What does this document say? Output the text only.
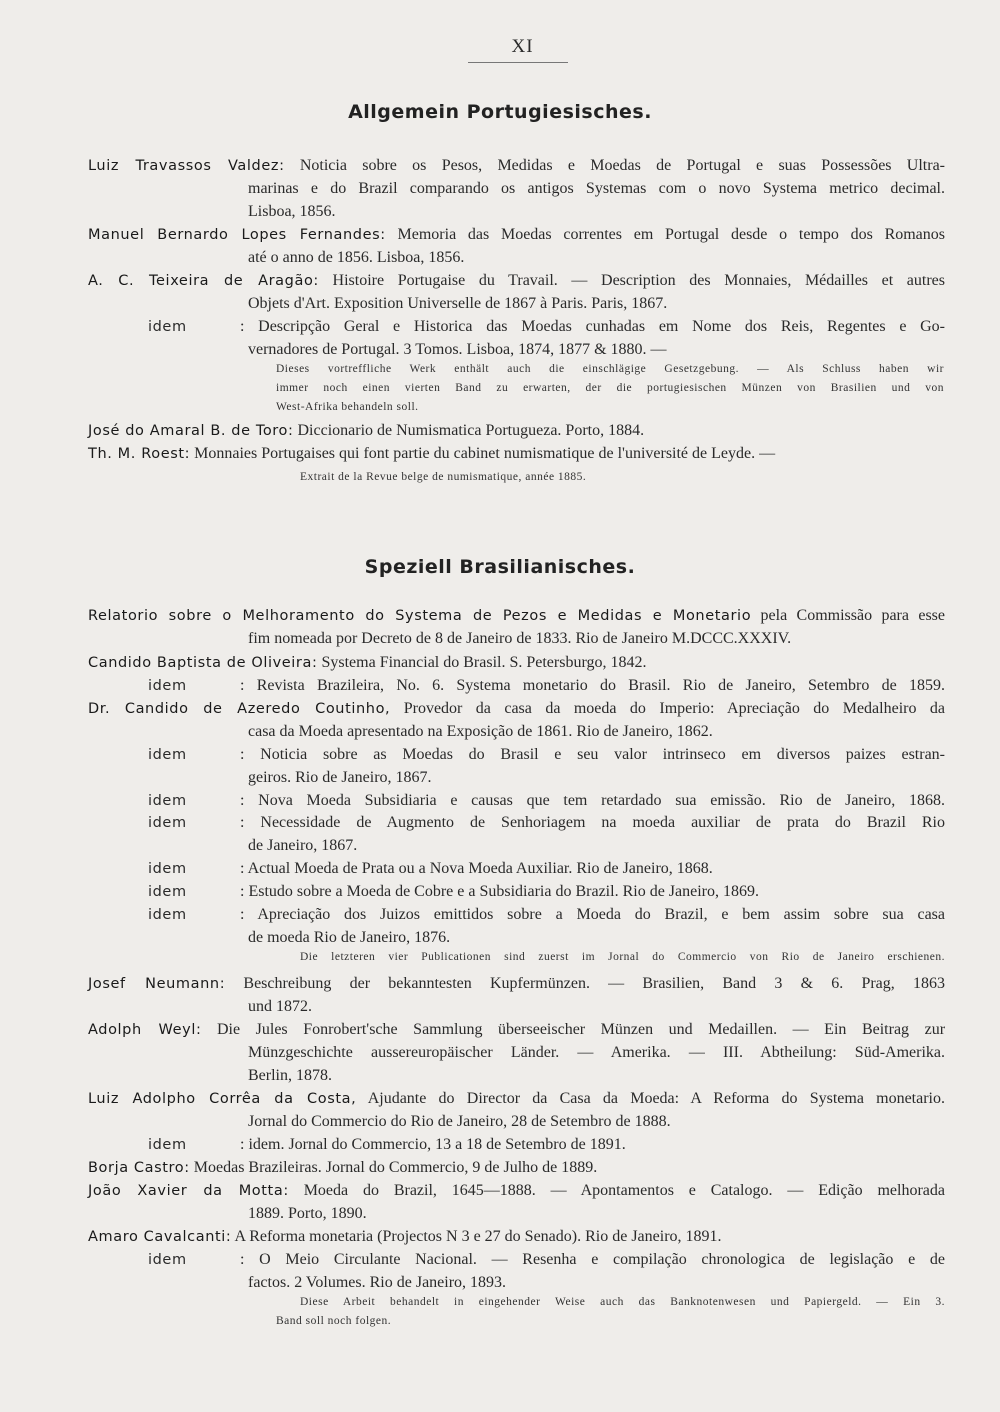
XI
Allgemein Portugiesisches.
Luiz Travassos Valdez: Noticia sobre os Pesos, Medidas e Moedas de Portugal e suas Possessões Ultra-
marinas e do Brazil comparando os antigos Systemas com o novo Systema metrico decimal.
Lisboa, 1856.
Manuel Bernardo Lopes Fernandes: Memoria das Moedas correntes em Portugal desde o tempo dos Romanos
até o anno de 1856. Lisboa, 1856.
A. C. Teixeira de Aragão: Histoire Portugaise du Travail. — Description des Monnaies, Médailles et autres
Objets d'Art. Exposition Universelle de 1867 à Paris. Paris, 1867.
idem	: Descripção Geral e Historica das Moedas cunhadas em Nome dos Reis, Regentes e Go-
vernadores de Portugal. 3 Tomos. Lisboa, 1874, 1877 & 1880. —
Dieses vortreffliche Werk enthält auch die einschlägige Gesetzgebung. — Als Schluss haben wir
immer noch einen vierten Band zu erwarten, der die portugiesischen Münzen von Brasilien und von
West-Afrika behandeln soll.
José do Amaral B. de Toro: Diccionario de Numismatica Portugueza. Porto, 1884.
Th. M. Roest: Monnaies Portugaises qui font partie du cabinet numismatique de l'université de Leyde. —
Extrait de la Revue belge de numismatique, année 1885.
Speziell Brasilianisches.
Relatorio sobre o Melhoramento do Systema de Pezos e Medidas e Monetario pela Commissão para esse
fim nomeada por Decreto de 8 de Janeiro de 1833. Rio de Janeiro M.DCCC.XXXIV.
Candido Baptista de Oliveira: Systema Financial do Brasil. S. Petersburgo, 1842.
idem	: Revista Brazileira, No. 6. Systema monetario do Brasil. Rio de Janeiro, Setembro de 1859.
Dr. Candido de Azeredo Coutinho, Provedor da casa da moeda do Imperio: Apreciação do Medalheiro da
casa da Moeda apresentado na Exposição de 1861. Rio de Janeiro, 1862.
idem	: Noticia sobre as Moedas do Brasil e seu valor intrinseco em diversos paizes estran-
geiros. Rio de Janeiro, 1867.
idem	: Nova Moeda Subsidiaria e causas que tem retardado sua emissão. Rio de Janeiro, 1868.
idem	: Necessidade de Augmento de Senhoriagem na moeda auxiliar de prata do Brazil Rio
de Janeiro, 1867.
idem	: Actual Moeda de Prata ou a Nova Moeda Auxiliar. Rio de Janeiro, 1868.
idem	: Estudo sobre a Moeda de Cobre e a Subsidiaria do Brazil. Rio de Janeiro, 1869.
idem	: Apreciação dos Juizos emittidos sobre a Moeda do Brazil, e bem assim sobre sua casa
de moeda Rio de Janeiro, 1876.
Die letzteren vier Publicationen sind zuerst im Jornal do Commercio von Rio de Janeiro erschienen.
Josef Neumann: Beschreibung der bekanntesten Kupfermünzen. — Brasilien, Band 3 & 6. Prag, 1863
und 1872.
Adolph Weyl: Die Jules Fonrobert'sche Sammlung überseeischer Münzen und Medaillen. — Ein Beitrag zur
Münzgeschichte aussereuropäischer Länder. — Amerika. — III. Abtheilung: Süd-Amerika.
Berlin, 1878.
Luiz Adolpho Corrêa da Costa, Ajudante do Director da Casa da Moeda: A Reforma do Systema monetario.
Jornal do Commercio do Rio de Janeiro, 28 de Setembro de 1888.
idem	: idem. Jornal do Commercio, 13 a 18 de Setembro de 1891.
Borja Castro: Moedas Brazileiras. Jornal do Commercio, 9 de Julho de 1889.
João Xavier da Motta: Moeda do Brazil, 1645—1888. — Apontamentos e Catalogo. — Edição melhorada
1889. Porto, 1890.
Amaro Cavalcanti: A Reforma monetaria (Projectos N 3 e 27 do Senado). Rio de Janeiro, 1891.
idem	: O Meio Circulante Nacional. — Resenha e compilação chronologica de legislação e de
factos. 2 Volumes. Rio de Janeiro, 1893.
Diese Arbeit behandelt in eingehender Weise auch das Banknotenwesen und Papiergeld. — Ein 3.
Band soll noch folgen.
